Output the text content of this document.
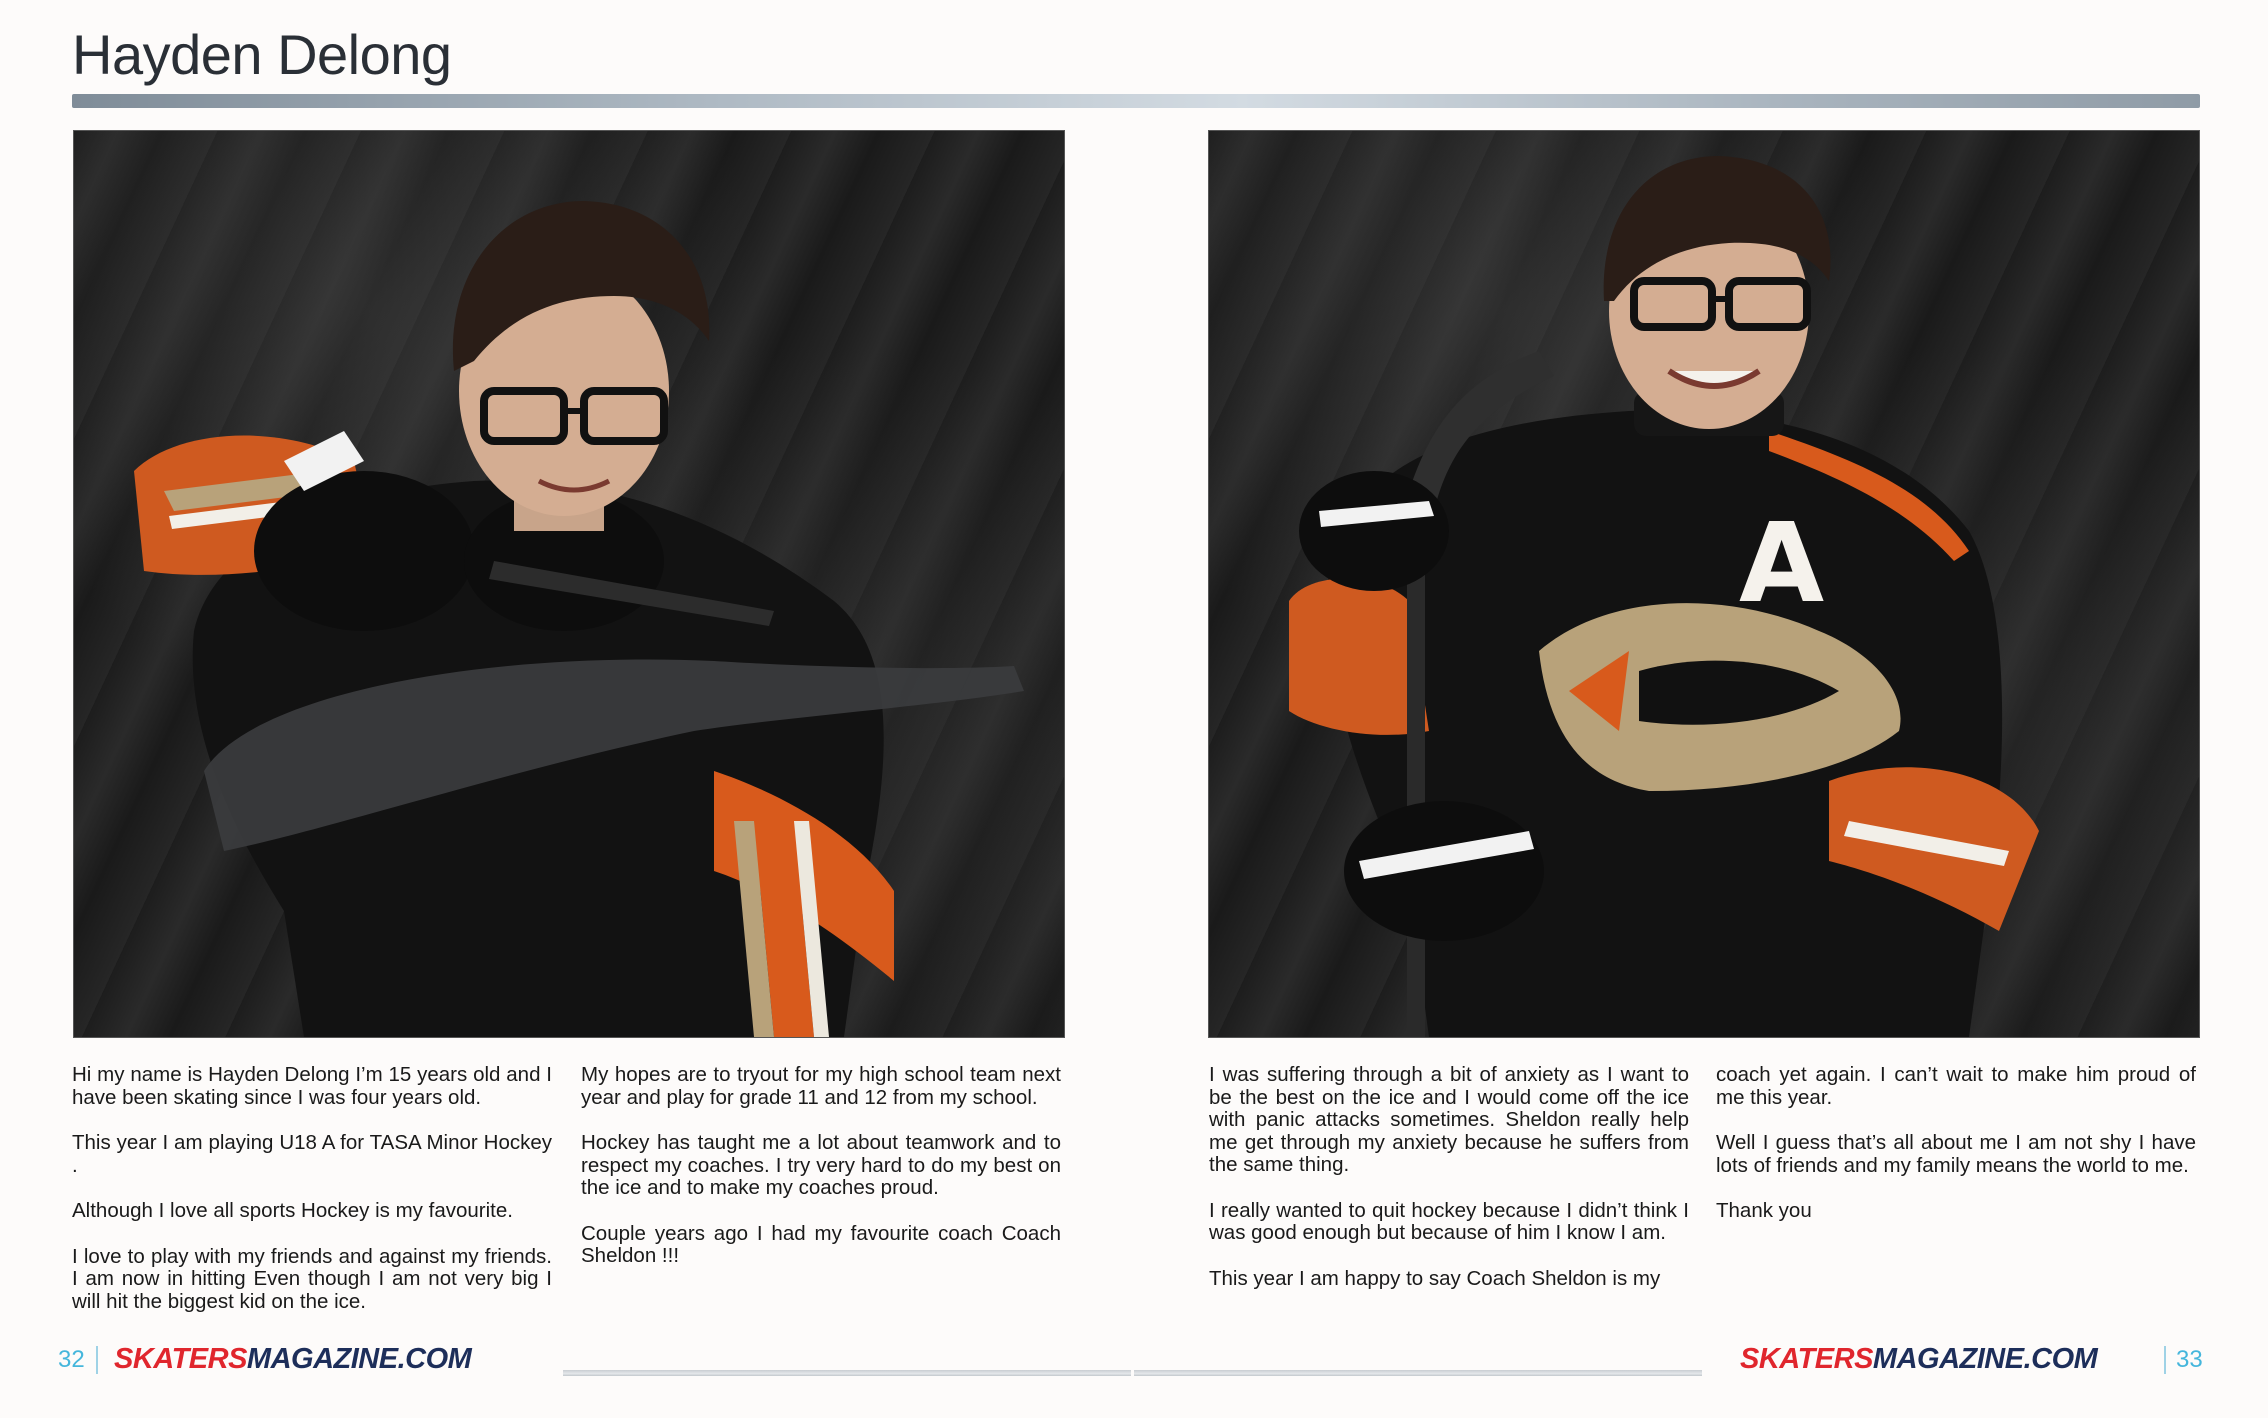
Hayden Delong
A

Hi my name is Hayden Delong I’m 15 years old and I have been skating since I was four years old.

This year I am playing U18 A for TASA Minor Hockey .

Although I love all sports Hockey is my favourite.

I love to play with my friends and against my friends. I am now in hitting Even though I am not very big I will hit the biggest kid on the ice.

My hopes are to tryout for my high school team next year and play for grade 11 and 12 from my school.

Hockey has taught me a lot about teamwork and to respect my coaches. I try very hard to do my best on the ice and to make my coaches proud.

Couple years ago I had my favourite coach Coach Sheldon !!!

I was suffering through a bit of anxiety as I want to be the best on the ice and I would come off the ice with panic attacks sometimes. Sheldon really help me get through my anxiety because he suffers from the same thing.

I really wanted to quit hockey because I didn’t think I was good enough but because of him I know I am.

This year I am happy to say Coach Sheldon is my

coach yet again. I can’t wait to make him proud of me this year.

Well I guess that’s all about me I am not shy I have lots of friends and my family means the world to me.

Thank you

32 SKATERSMAGAZINE.COM	SKATERSMAGAZINE.COM	33
